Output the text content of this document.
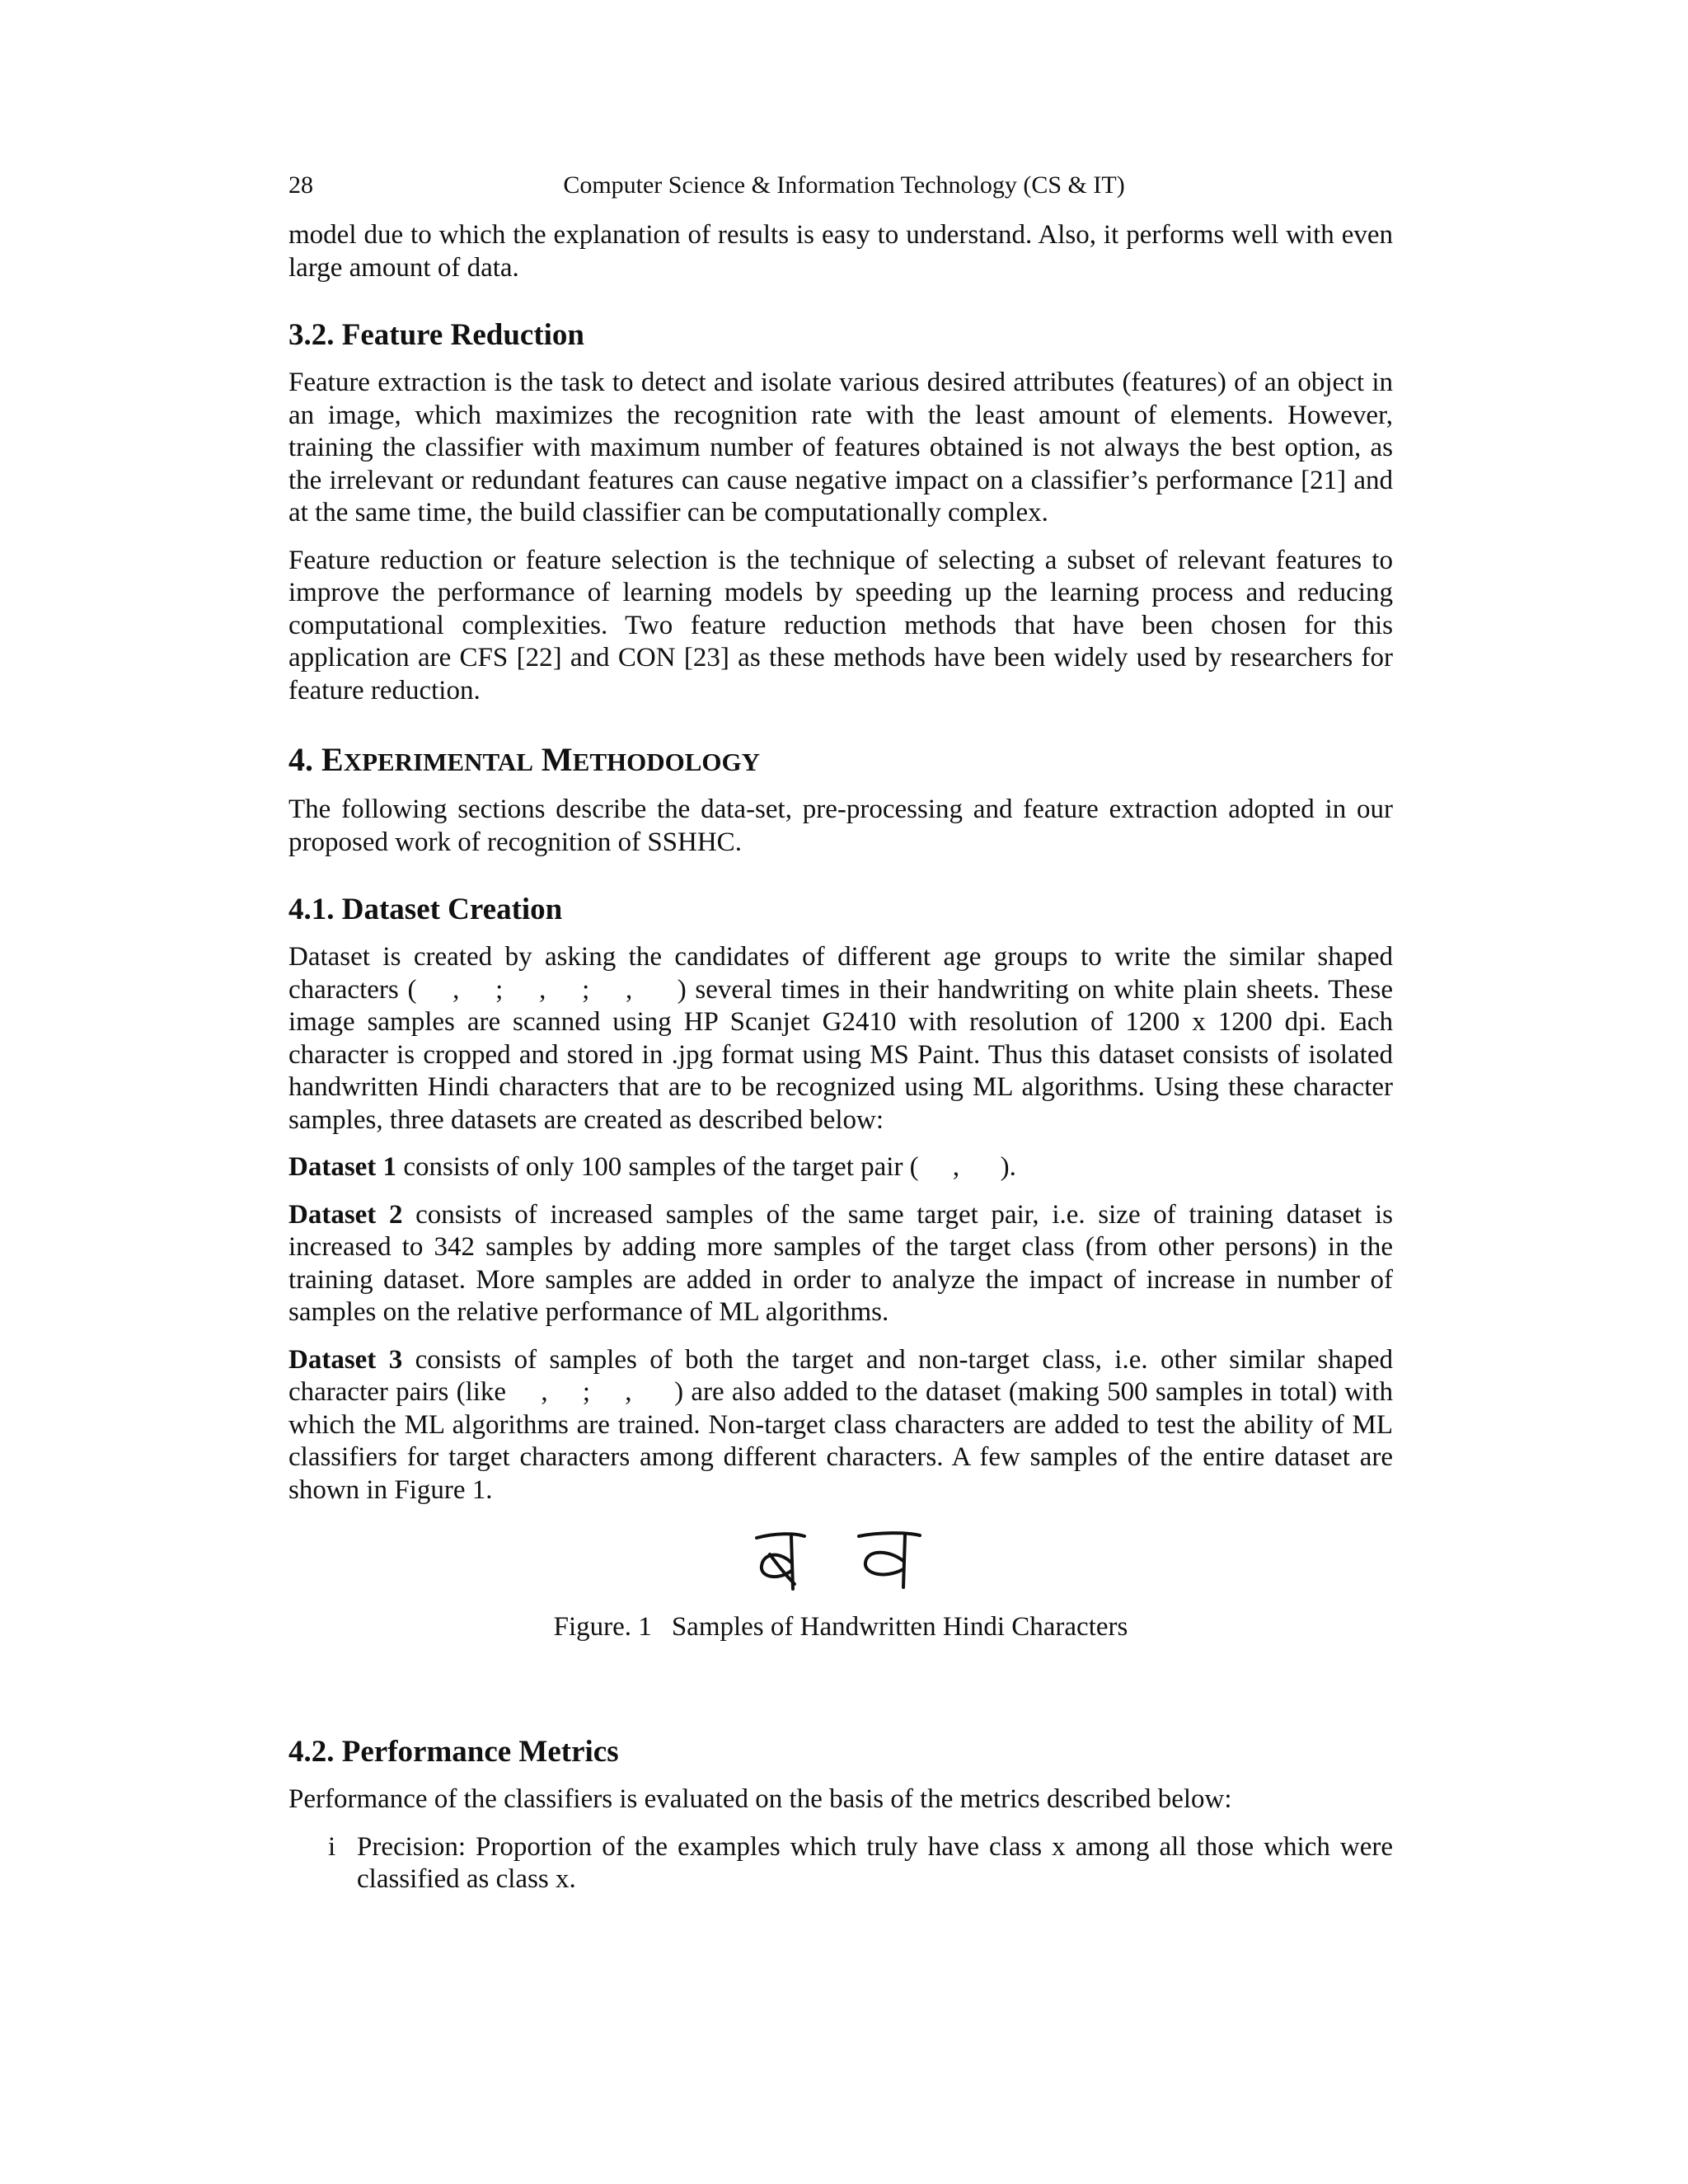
28	Computer Science & Information Technology (CS & IT)

model due to which the explanation of results is easy to understand. Also, it performs well with even large amount of data.

3.2. Feature Reduction

Feature extraction is the task to detect and isolate various desired attributes (features) of an object in an image, which maximizes the recognition rate with the least amount of elements. However, training the classifier with maximum number of features obtained is not always the best option, as the irrelevant or redundant features can cause negative impact on a classifier’s performance [21] and at the same time, the build classifier can be computationally complex.

Feature reduction or feature selection is the technique of selecting a subset of relevant features to improve the performance of learning models by speeding up the learning process and reducing computational complexities. Two feature reduction methods that have been chosen for this application are CFS [22] and CON [23] as these methods have been widely used by researchers for feature reduction.

4. EXPERIMENTAL METHODOLOGY

The following sections describe the data-set, pre-processing and feature extraction adopted in our proposed work of recognition of SSHHC.

4.1. Dataset Creation

Dataset is created by asking the candidates of different age groups to write the similar shaped characters (  ,  ;  ,  ;  ,   ) several times in their handwriting on white plain sheets. These image samples are scanned using HP Scanjet G2410 with resolution of 1200 x 1200 dpi. Each character is cropped and stored in .jpg format using MS Paint. Thus this dataset consists of isolated handwritten Hindi characters that are to be recognized using ML algorithms. Using these character samples, three datasets are created as described below:

Dataset 1 consists of only 100 samples of the target pair (  ,   ).

Dataset 2 consists of increased samples of the same target pair, i.e. size of training dataset is increased to 342 samples by adding more samples of the target class (from other persons) in the training dataset. More samples are added in order to analyze the impact of increase in number of samples on the relative performance of ML algorithms.

Dataset 3 consists of samples of both the target and non-target class, i.e. other similar shaped character pairs (like  ,  ;  ,   ) are also added to the dataset (making 500 samples in total) with which the ML algorithms are trained. Non-target class characters are added to test the ability of ML classifiers for target characters among different characters. A few samples of the entire dataset are shown in Figure 1.

Figure. 1 Samples of Handwritten Hindi Characters
4.2. Performance Metrics

Performance of the classifiers is evaluated on the basis of the metrics described below:

i Precision: Proportion of the examples which truly have class x among all those which were classified as class x.
